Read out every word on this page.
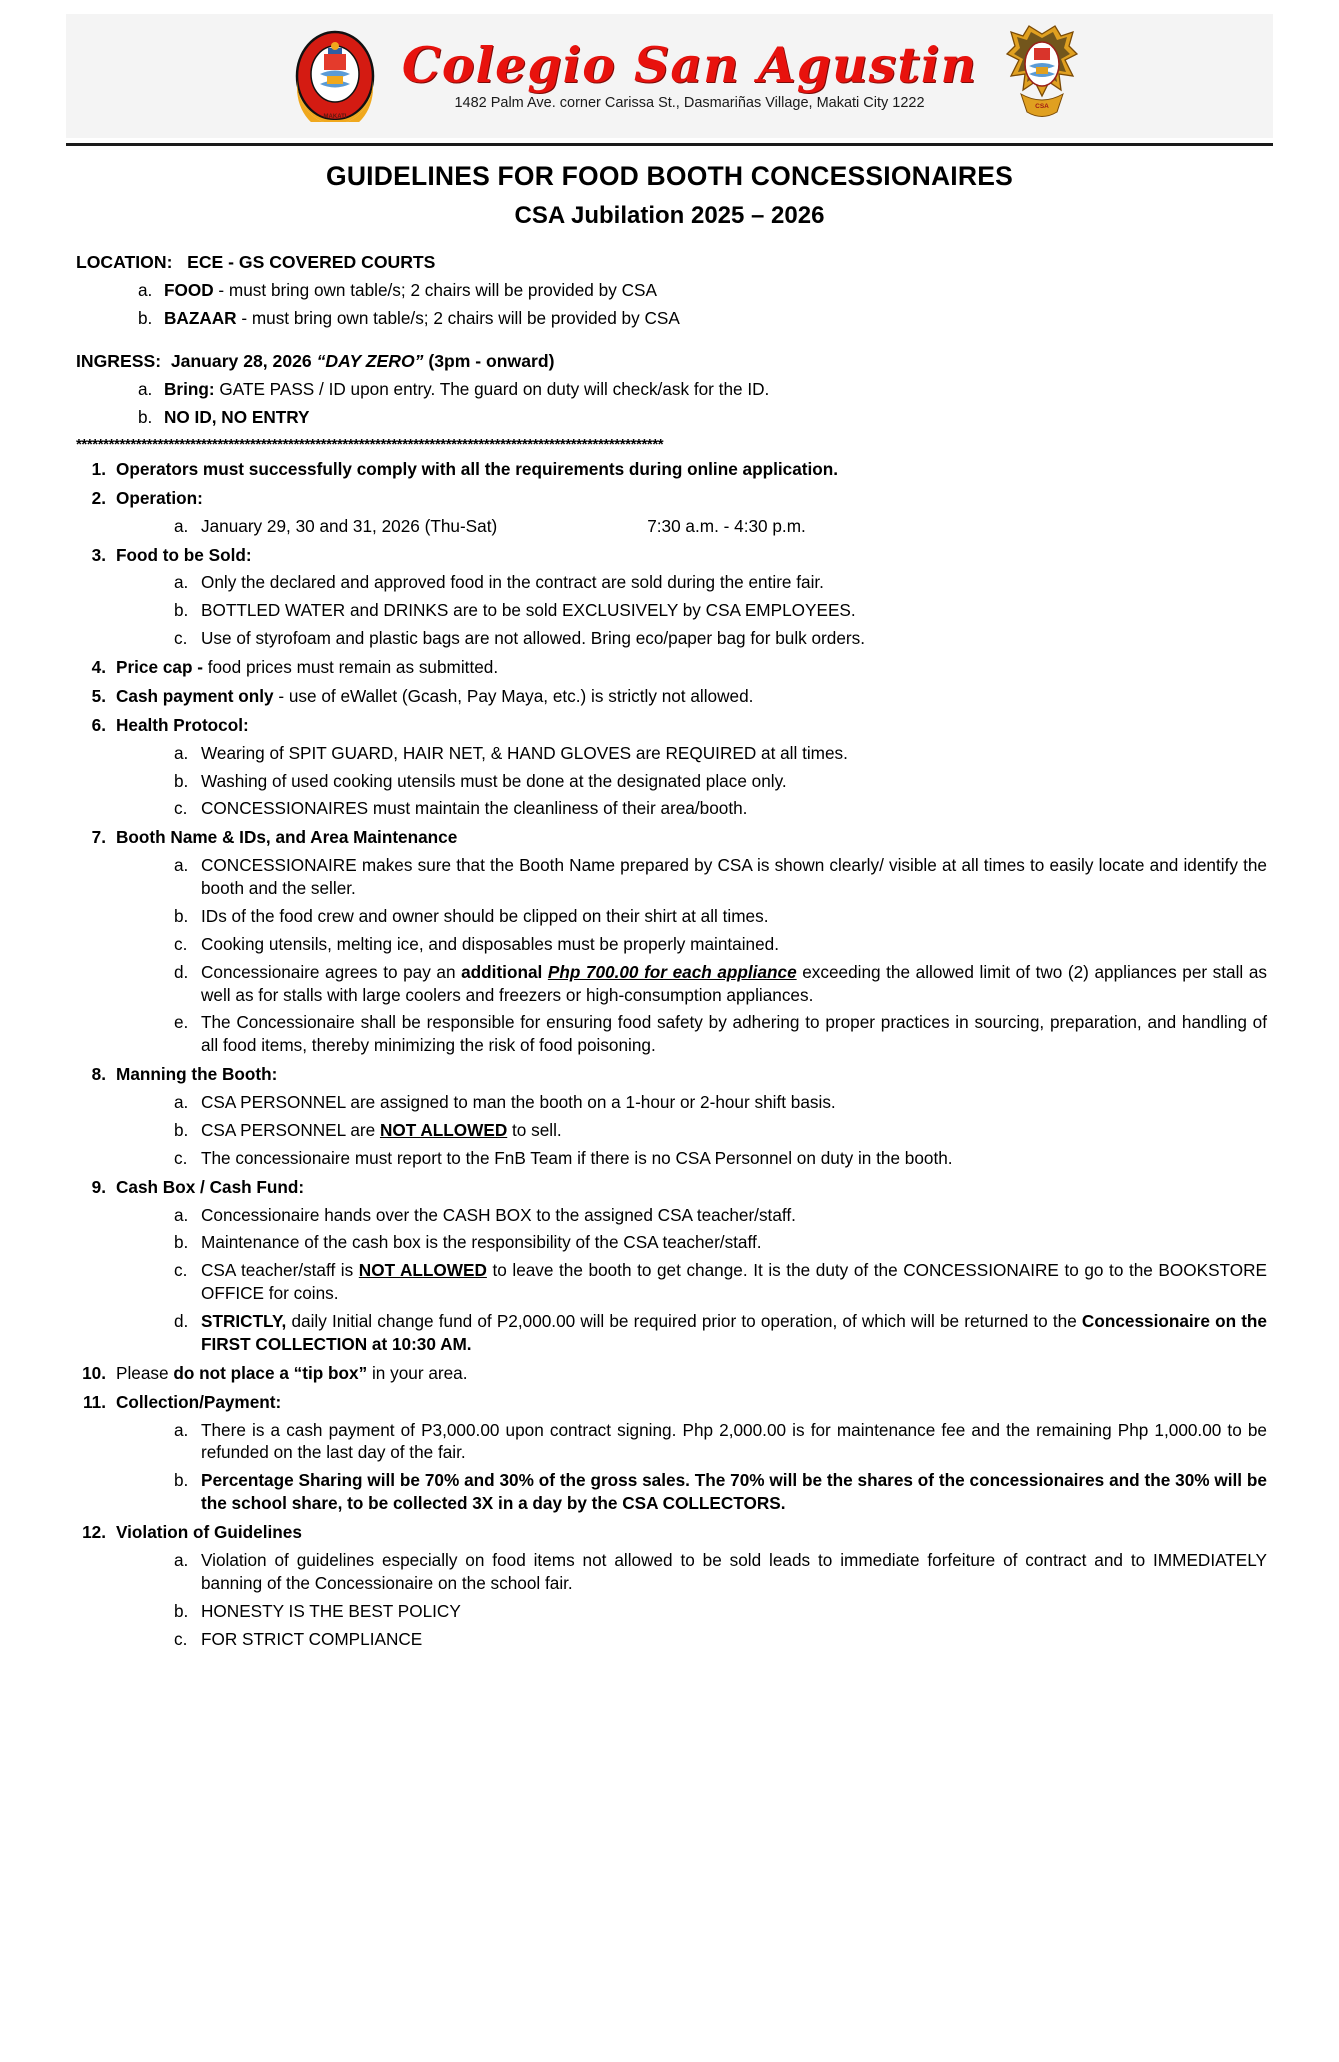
MAKATI
Colegio San Agustin
1482 Palm Ave. corner Carissa St., Dasmariñas Village, Makati City 1222	CSA
GUIDELINES FOR FOOD BOOTH CONCESSIONAIRES
CSA Jubilation 2025 – 2026
LOCATION: ECE - GS COVERED COURTS
a. FOOD - must bring own table/s; 2 chairs will be provided by CSA
b. BAZAAR - must bring own table/s; 2 chairs will be provided by CSA
INGRESS: January 28, 2026 “DAY ZERO” (3pm - onward)
a. Bring: GATE PASS / ID upon entry. The guard on duty will check/ask for the ID.
b. NO ID, NO ENTRY
************************************************************************************************************
1. Operators must successfully comply with all the requirements during online application.
2. Operation:
a. January 29, 30 and 31, 2026 (Thu-Sat)	7:30 a.m. - 4:30 p.m.
3. Food to be Sold:
a. Only the declared and approved food in the contract are sold during the entire fair.
b. BOTTLED WATER and DRINKS are to be sold EXCLUSIVELY by CSA EMPLOYEES.
c. Use of styrofoam and plastic bags are not allowed. Bring eco/paper bag for bulk orders.
4. Price cap - food prices must remain as submitted.
5. Cash payment only - use of eWallet (Gcash, Pay Maya, etc.) is strictly not allowed.
6. Health Protocol:
a. Wearing of SPIT GUARD, HAIR NET, & HAND GLOVES are REQUIRED at all times.
b. Washing of used cooking utensils must be done at the designated place only.
c. CONCESSIONAIRES must maintain the cleanliness of their area/booth.
7. Booth Name & IDs, and Area Maintenance
a. CONCESSIONAIRE makes sure that the Booth Name prepared by CSA is shown clearly/ visible at all times to easily locate and identify the booth and the seller.
b. IDs of the food crew and owner should be clipped on their shirt at all times.
c. Cooking utensils, melting ice, and disposables must be properly maintained.
d. Concessionaire agrees to pay an additional Php 700.00 for each appliance exceeding the allowed limit of two (2) appliances per stall as well as for stalls with large coolers and freezers or high-consumption appliances.
e. The Concessionaire shall be responsible for ensuring food safety by adhering to proper practices in sourcing, preparation, and handling of all food items, thereby minimizing the risk of food poisoning.
8. Manning the Booth:
a. CSA PERSONNEL are assigned to man the booth on a 1-hour or 2-hour shift basis.
b. CSA PERSONNEL are NOT ALLOWED to sell.
c. The concessionaire must report to the FnB Team if there is no CSA Personnel on duty in the booth.
9. Cash Box / Cash Fund:
a. Concessionaire hands over the CASH BOX to the assigned CSA teacher/staff.
b. Maintenance of the cash box is the responsibility of the CSA teacher/staff.
c. CSA teacher/staff is NOT ALLOWED to leave the booth to get change. It is the duty of the CONCESSIONAIRE to go to the BOOKSTORE OFFICE for coins.
d. STRICTLY, daily Initial change fund of P2,000.00 will be required prior to operation, of which will be returned to the Concessionaire on the FIRST COLLECTION at 10:30 AM.
10. Please do not place a “tip box” in your area.
11. Collection/Payment:
a. There is a cash payment of P3,000.00 upon contract signing. Php 2,000.00 is for maintenance fee and the remaining Php 1,000.00 to be refunded on the last day of the fair.
b. Percentage Sharing will be 70% and 30% of the gross sales. The 70% will be the shares of the concessionaires and the 30% will be the school share, to be collected 3X in a day by the CSA COLLECTORS.
12. Violation of Guidelines
a. Violation of guidelines especially on food items not allowed to be sold leads to immediate forfeiture of contract and to IMMEDIATELY banning of the Concessionaire on the school fair.
b. HONESTY IS THE BEST POLICY
c. FOR STRICT COMPLIANCE
